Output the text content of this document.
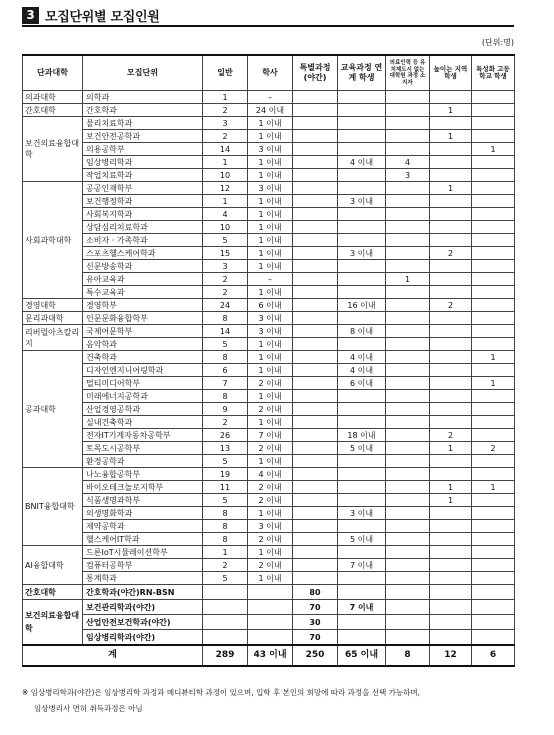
3 모집단위별 모집인원
(단위:명)
단과대학	모집단위	일반	학사	특별과정(야간)	교육과정 연계 학생	의료인력 등 유치제도시 없는 대학원 과정 소지자	높이는 지역학생	특성화 고등학교 학생
의과대학	의학과	1	–					
간호대학	간호학과	2	24 이내				1	
보건의료융합대학	물리치료학과	3	1 이내					
	보건안전공학과	2	1 이내				1	
	의용공학부	14	3 이내					1
	임상병리학과	1	1 이내		4 이내	4		
	작업치료학과	10	1 이내			3		
사회과학대학	공공인재학부	12	3 이내				1	
	보건행정학과	1	1 이내		3 이내			
	사회복지학과	4	1 이내					
	상담심리치료학과	10	1 이내					
	소비자 · 가족학과	5	1 이내					
	스포츠헬스케어학과	15	1 이내		3 이내		2	
	신문방송학과	3	1 이내					
	유아교육과	2	–			1		
	특수교육과	2	1 이내					
경영대학	경영학부	24	6 이내		16 이내		2	
문리과대학	인문문화융합학부	8	3 이내					
리버럴아츠칼리지	국제어문학부	14	3 이내		8 이내			
	음악학과	5	1 이내					
공과대학	건축학과	8	1 이내		4 이내			1
	디자인엔지니어링학과	6	1 이내		4 이내			
	멀티미디어학부	7	2 이내		6 이내			1
	미래에너지공학과	8	1 이내					
	산업경영공학과	9	2 이내					
	실내건축학과	2	1 이내					
	전자IT기계자동차공학부	26	7 이내		18 이내		2	
	토목도시공학부	13	2 이내		5 이내		1	2
	환경공학과	5	1 이내					
BNIT융합대학	나노융합공학부	19	4 이내					
	바이오테크놀로지학부	11	2 이내				1	1
	식품생명과학부	5	2 이내				1	
	의생명화학과	8	1 이내		3 이내			
	제약공학과	8	3 이내					
	헬스케어IT학과	8	2 이내		5 이내			
AI융합대학	드론IoT시뮬레이션학부	1	1 이내					
	컴퓨터공학부	2	2 이내		7 이내			
	통계학과	5	1 이내					
간호대학	간호학과(야간)RN-BSN			80				
보건의료융합대학	보건관리학과(야간)			70	7 이내			
	산업안전보건학과(야간)			30				
	임상병리학과(야간)			70				
계		289	43 이내	250	65 이내	8	12	6
※ 임상병리학과(야간)은 임상병리학 과정과 메디뷰티학 과정이 있으며, 입학 후 본인의 희망에 따라 과정을 선택 가능하며,
임상병리사 면허 취득과정은 아님
